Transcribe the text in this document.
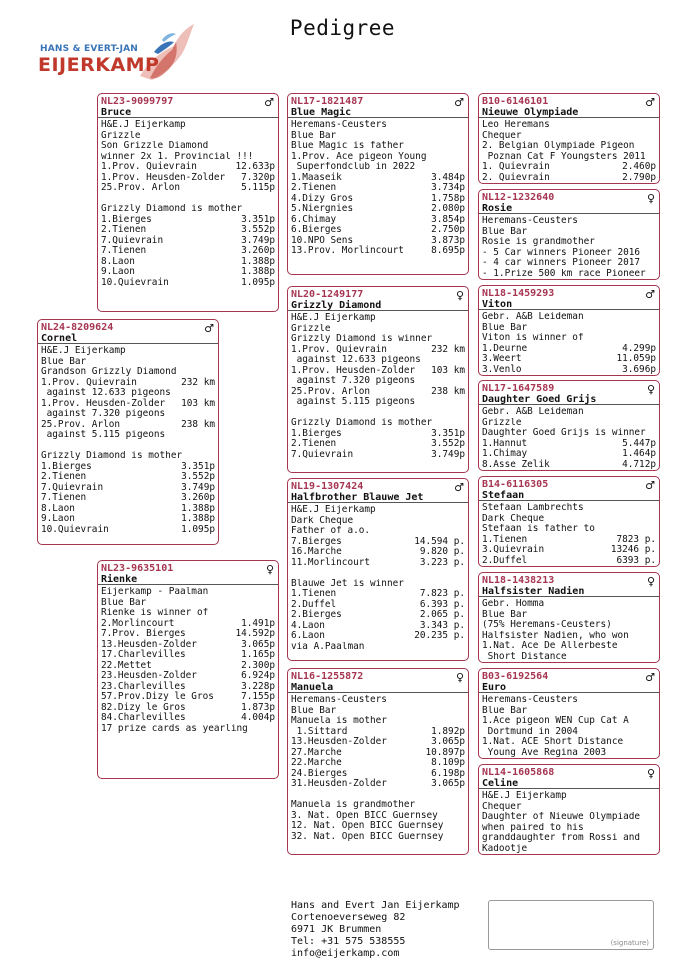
Pedigree
HANS & EVERT-JAN
EIJERKAMP
NL23-9099797
Bruce
♂
H&E.J Eijerkamp
Grizzle
Son Grizzle Diamond
winner 2x 1. Provincial !!!
1.Prov. Quievrain	12.633p
1.Prov. Heusden-Zolder 7.320p
25.Prov. Arlon	5.115p
Grizzly Diamond is mother
1.Bierges	3.351p
2.Tienen	3.552p
7.Quievrain	3.749p
7.Tienen	3.260p
8.Laon	1.388p
9.Laon	1.388p
10.Quievrain	1.095p
NL24-8209624
Cornel
♂
H&E.J Eijerkamp
Blue Bar
Grandson Grizzly Diamond
1.Prov. Quievrain	232 km
against 12.633 pigeons
1.Prov. Heusden-Zolder 103 km
against 7.320 pigeons
25.Prov. Arlon	238 km
against 5.115 pigeons
Grizzly Diamond is mother
1.Bierges	3.351p
2.Tienen	3.552p
7.Quievrain	3.749p
7.Tienen	3.260p
8.Laon	1.388p
9.Laon	1.388p
10.Quievrain	1.095p
NL23-9635101
Rienke
♀
Eijerkamp - Paalman
Blue Bar
Rienke is winner of
2.Morlincourt	1.491p
7.Prov. Bierges	14.592p
13.Heusden-Zolder	3.065p
17.Charlevilles	1.165p
22.Mettet	2.300p
23.Heusden-Zolder	6.924p
23.Charlevilles	3.228p
57.Prov.Dizy le Gros	7.155p
82.Dizy le Gros	1.873p
84.Charlevilles	4.004p
17 prize cards as yearling
NL17-1821487
Blue Magic
♂
Heremans-Ceusters
Blue Bar
Blue Magic is father
1.Prov. Ace pigeon Young
Superfondclub in 2022
1.Maaseik	3.484p
2.Tienen	3.734p
4.Dizy Gros	1.758p
5.Niergnies	2.080p
6.Chimay	3.854p
6.Bierges	2.750p
10.NPO Sens	3.873p
13.Prov. Morlincourt	8.695p
NL20-1249177
Grizzly Diamond
♀
H&E.J Eijerkamp
Grizzle
Grizzly Diamond is winner
1.Prov. Quievrain	232 km
against 12.633 pigeons
1.Prov. Heusden-Zolder 103 km
against 7.320 pigeons
25.Prov. Arlon	238 km
against 5.115 pigeons
Grizzly Diamond is mother
1.Bierges	3.351p
2.Tienen	3.552p
7.Quievrain	3.749p
NL19-1307424
Halfbrother Blauwe Jet
♂
H&E.J Eijerkamp
Dark Cheque
Father of a.o.
7.Bierges	14.594 p.
16.Marche	9.820 p.
11.Morlincourt	3.223 p.
Blauwe Jet is winner
1.Tienen	7.823 p.
2.Duffel	6.393 p.
2.Bierges	2.065 p.
4.Laon	3.343 p.
6.Laon	20.235 p.
via A.Paalman
NL16-1255872
Manuela
♀
Heremans-Ceusters
Blue Bar
Manuela is mother
1.Sittard	1.892p
13.Heusden-Zolder	3.065p
27.Marche	10.897p
22.Marche	8.109p
24.Bierges	6.198p
31.Heusden-Zolder	3.065p
Manuela is grandmother
3. Nat. Open BICC Guernsey
12. Nat. Open BICC Guernsey
32. Nat. Open BICC Guernsey
B10-6146101
Nieuwe Olympiade
♂
Leo Heremans
Chequer
2. Belgian Olympiade Pigeon
Poznan Cat F Youngsters 2011
1. Quievrain	2.460p
2. Quievrain	2.790p
NL12-1232640
Rosie
♀
Heremans-Ceusters
Blue Bar
Rosie is grandmother
- 5 Car winners Pioneer 2016
- 4 car winners Pioneer 2017
- 1.Prize 500 km race Pioneer
NL18-1459293
Viton
♂
Gebr. A&B Leideman
Blue Bar
Viton is winner of
1.Deurne	4.299p
3.Weert	11.059p
3.Venlo	3.696p
NL17-1647589
Daughter Goed Grijs
♀
Gebr. A&B Leideman
Grizzle
Daughter Goed Grijs is winner
1.Hannut	5.447p
1.Chimay	1.464p
8.Asse Zelik	4.712p
B14-6116305
Stefaan
♂
Stefaan Lambrechts
Dark Cheque
Stefaan is father to
1.Tienen	7823 p.
3.Quievrain	13246 p.
2.Duffel	6393 p.
NL18-1438213
Halfsister Nadien
♀
Gebr. Homma
Blue Bar
(75% Heremans-Ceusters)
Halfsister Nadien, who won
1.Nat. Ace De Allerbeste
Short Distance
B03-6192564
Euro
♂
Heremans-Ceusters
Blue Bar
1.Ace pigeon WEN Cup Cat A
Dortmund in 2004
1.Nat. ACE Short Distance
Young Ave Regina 2003
NL14-1605868
Celine
♀
H&E.J Eijerkamp
Chequer
Daughter of Nieuwe Olympiade
when paired to his
granddaughter from Rossi and
Kadootje
Hans and Evert Jan Eijerkamp
Cortenoeverseweg 82
6971 JK Brummen
Tel: +31 575 538555
info@eijerkamp.com
(signature)
